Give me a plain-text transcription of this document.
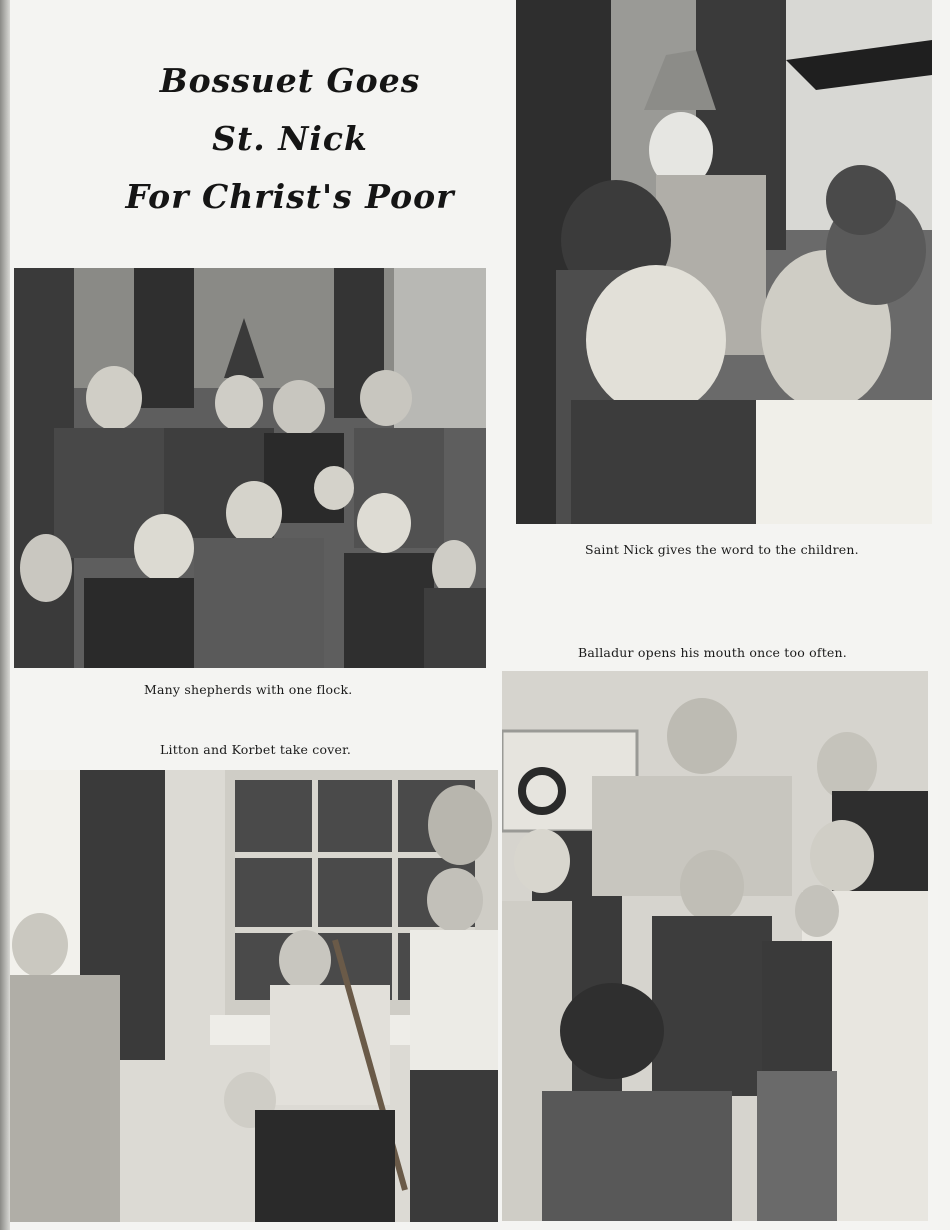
Bossuet Goes
St. Nick
For Christ's Poor
Saint Nick gives the word to the children.
Many shepherds with one flock.
Balladur opens his mouth once too often.
Litton and Korbet take cover.
